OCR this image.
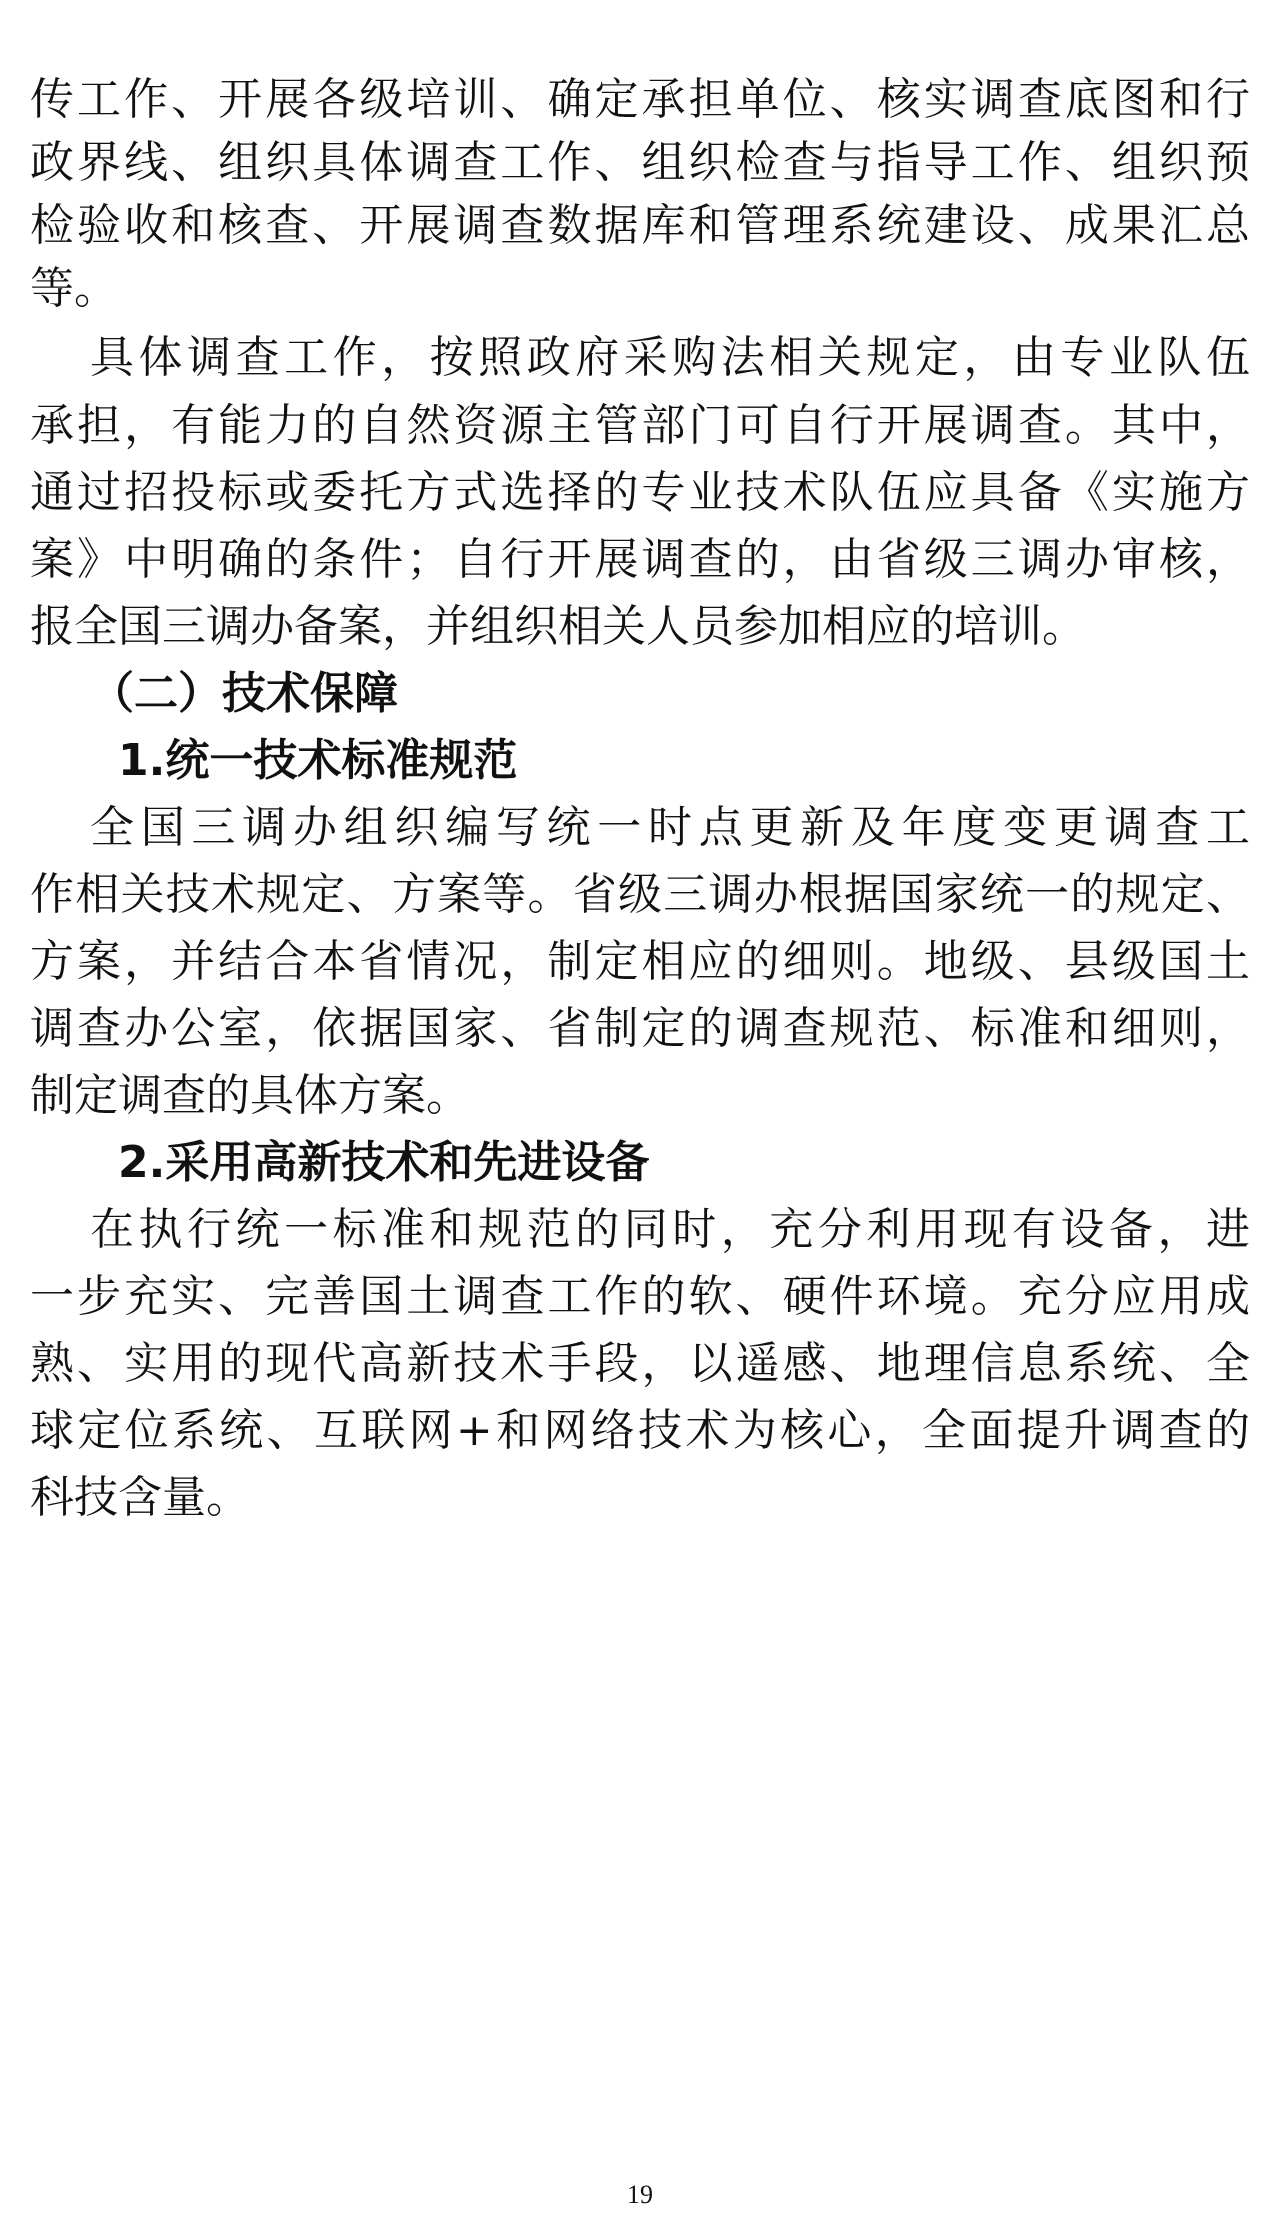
传工作、开展各级培训、确定承担单位、核实调查底图和行

政界线、组织具体调查工作、组织检查与指导工作、组织预

检验收和核查、开展调查数据库和管理系统建设、成果汇总

等。

具体调查工作，按照政府采购法相关规定，由专业队伍

承担，有能力的自然资源主管部门可自行开展调查。其中，

通过招投标或委托方式选择的专业技术队伍应具备《实施方

案》中明确的条件；自行开展调查的，由省级三调办审核，

报全国三调办备案，并组织相关人员参加相应的培训。

（二）技术保障

1.统一技术标准规范

全国三调办组织编写统一时点更新及年度变更调查工

作相关技术规定、方案等。省级三调办根据国家统一的规定、

方案，并结合本省情况，制定相应的细则。地级、县级国土

调查办公室，依据国家、省制定的调查规范、标准和细则，

制定调查的具体方案。

2.采用高新技术和先进设备

在执行统一标准和规范的同时，充分利用现有设备，进

一步充实、完善国土调查工作的软、硬件环境。充分应用成

熟、实用的现代高新技术手段，以遥感、地理信息系统、全

球定位系统、互联网+和网络技术为核心，全面提升调查的

科技含量。

19
